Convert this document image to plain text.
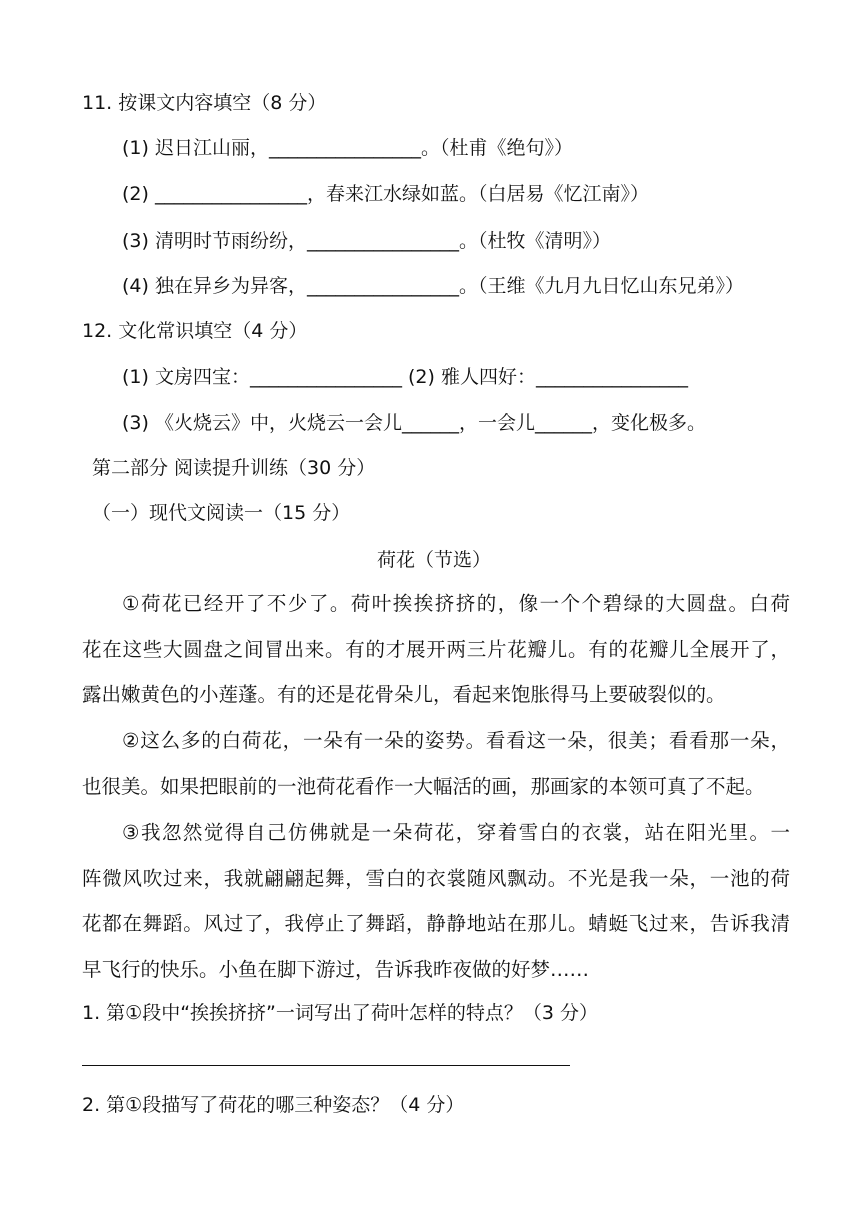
11. 按课文内容填空（8 分）
(1) 迟日江山丽，________________。（杜甫《绝句》）
(2) ________________，春来江水绿如蓝。（白居易《忆江南》）
(3) 清明时节雨纷纷，________________。（杜牧《清明》）
(4) 独在异乡为异客，________________。（王维《九月九日忆山东兄弟》）
12. 文化常识填空（4 分）
(1) 文房四宝：________________ (2) 雅人四好：________________
(3) 《火烧云》中，火烧云一会儿______，一会儿______，变化极多。
第二部分 阅读提升训练（30 分）
（一）现代文阅读一（15 分）
荷花（节选）
①荷花已经开了不少了。荷叶挨挨挤挤的，像一个个碧绿的大圆盘。白荷
花在这些大圆盘之间冒出来。有的才展开两三片花瓣儿。有的花瓣儿全展开了，
露出嫩黄色的小莲蓬。有的还是花骨朵儿，看起来饱胀得马上要破裂似的。
②这么多的白荷花，一朵有一朵的姿势。看看这一朵，很美；看看那一朵，
也很美。如果把眼前的一池荷花看作一大幅活的画，那画家的本领可真了不起。
③我忽然觉得自己仿佛就是一朵荷花，穿着雪白的衣裳，站在阳光里。一
阵微风吹过来，我就翩翩起舞，雪白的衣裳随风飘动。不光是我一朵，一池的荷
花都在舞蹈。风过了，我停止了舞蹈，静静地站在那儿。蜻蜓飞过来，告诉我清
早飞行的快乐。小鱼在脚下游过，告诉我昨夜做的好梦……
1. 第①段中“挨挨挤挤”一词写出了荷叶怎样的特点？（3 分）
2. 第①段描写了荷花的哪三种姿态？（4 分）
